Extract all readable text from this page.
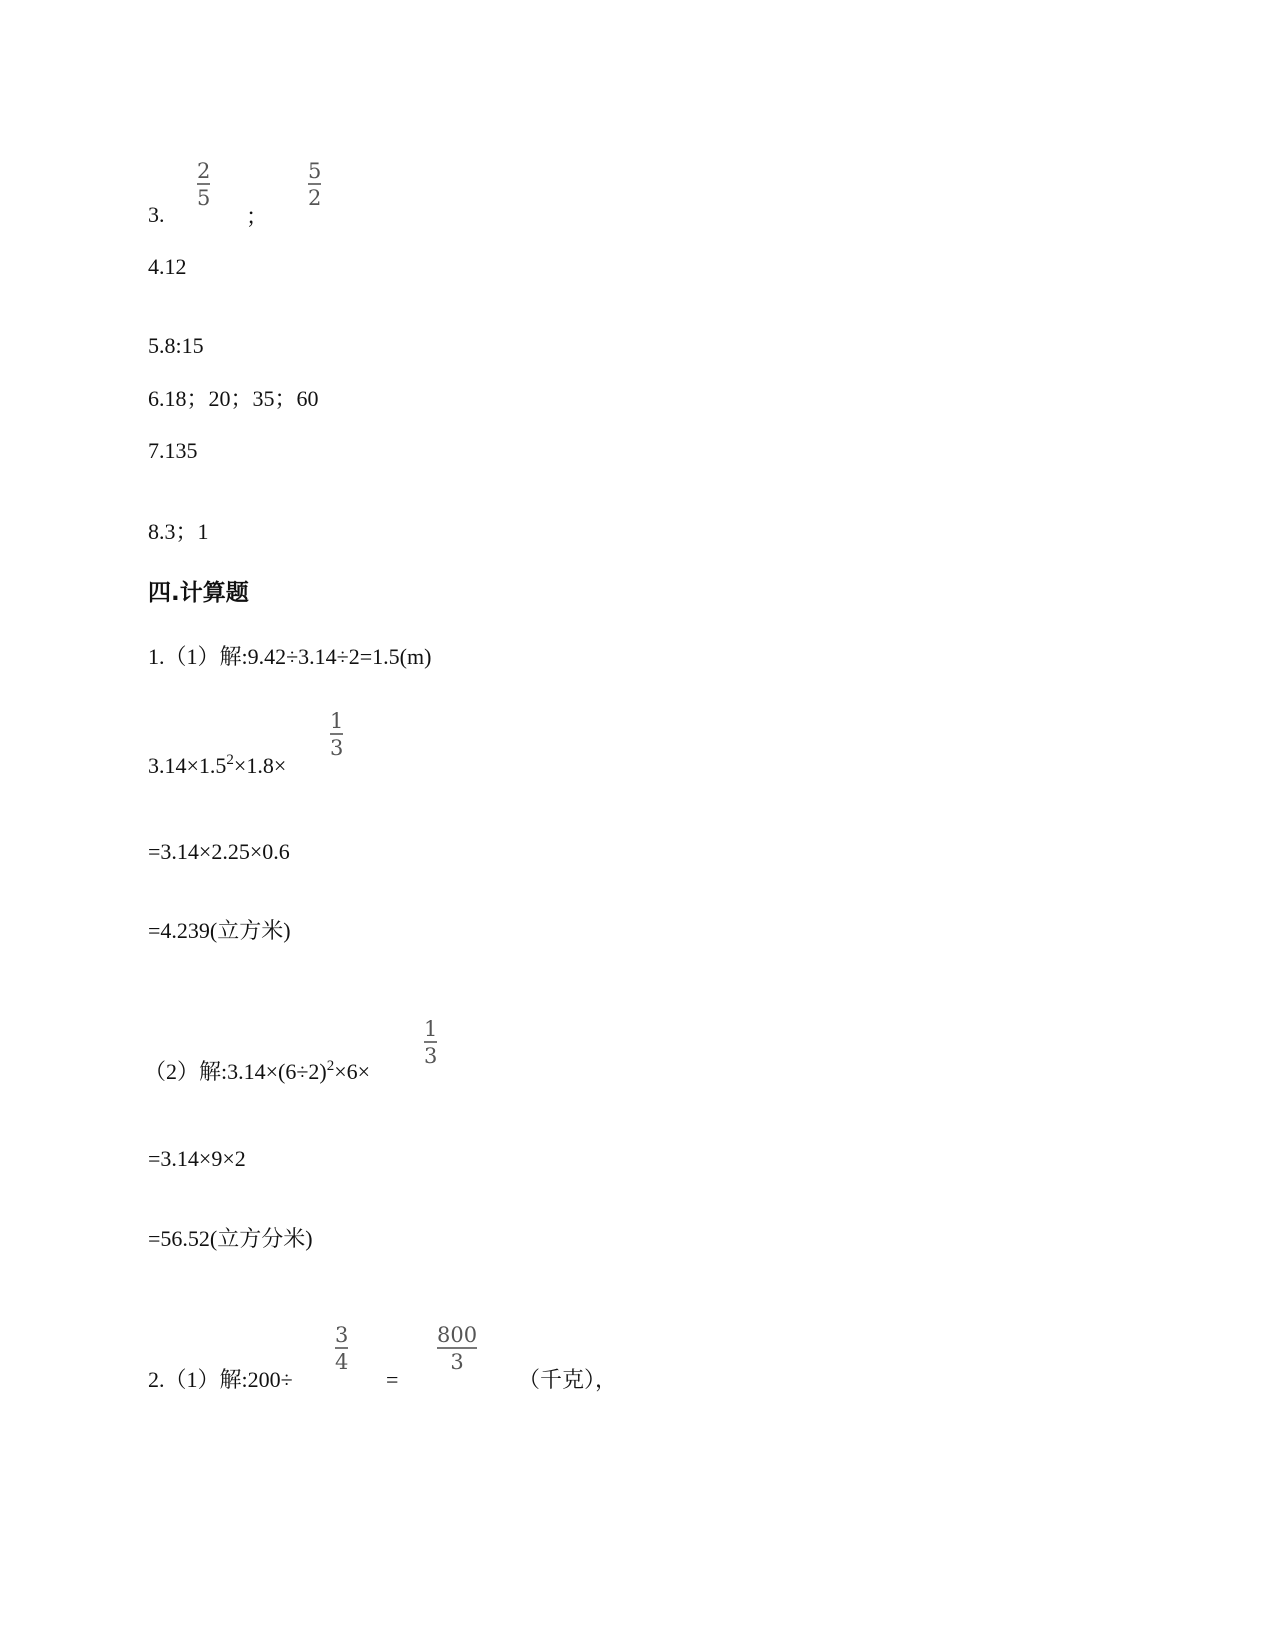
3.
2
5
；
5
2
4.12
5.8:15
6.18；20；35；60
7.135
8.3；1
四.计算题
1.（1）解:9.42÷3.14÷2=1.5(m)
$3.14\times 1.5^2\times 1.8\times$
1
3
=3.14×2.25×0.6
=4.239(立方米)
（2）解$:3.14\times(6\div 2)^2\times 6\times$
1
3
=3.14×9×2
=56.52(立方分米)
2.（1）解:200÷
3
4
=
800
3
（千克），
